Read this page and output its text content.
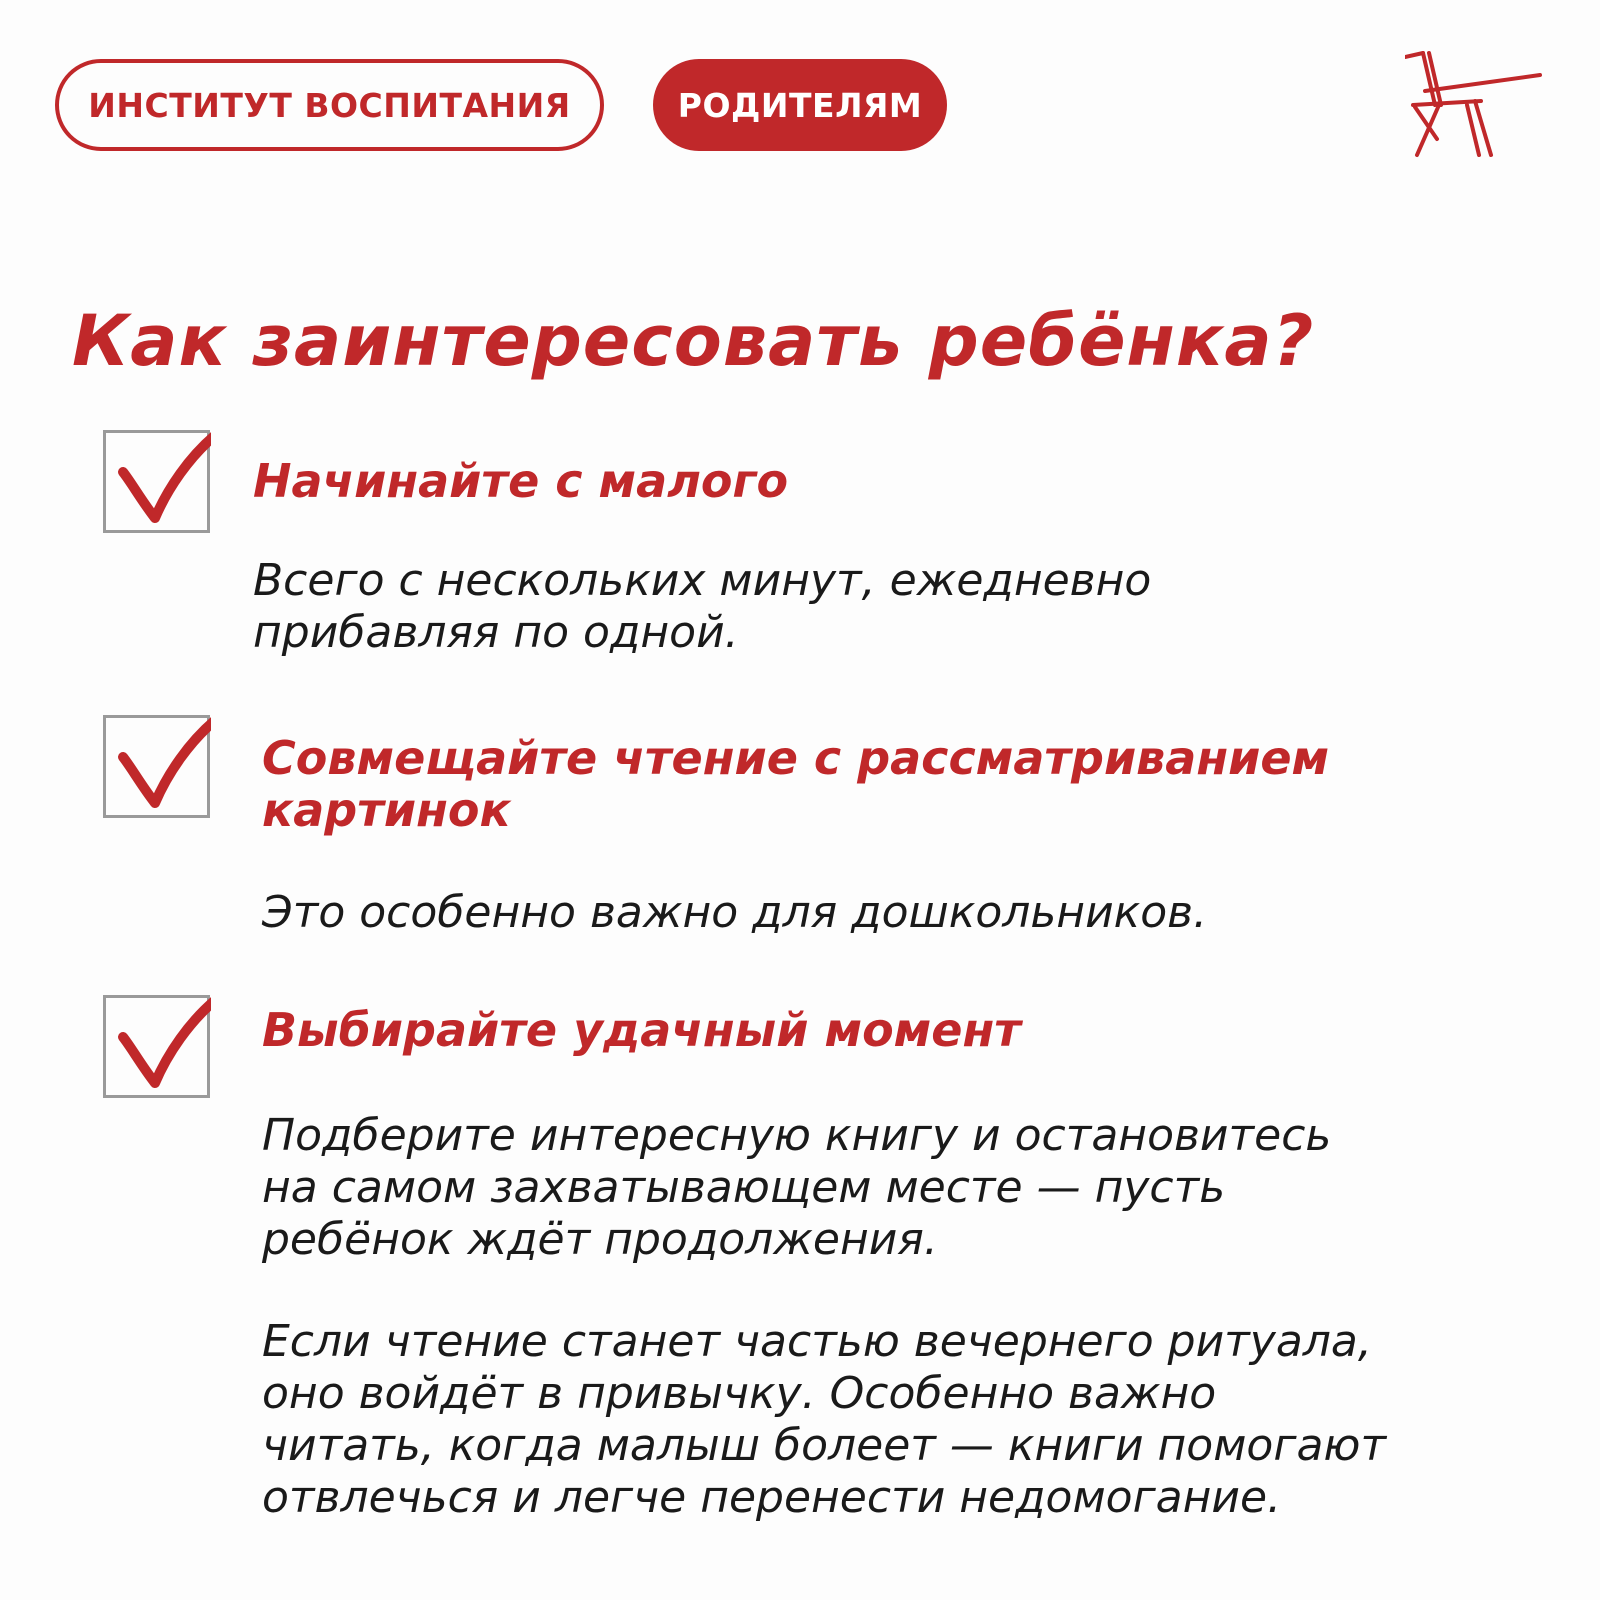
ИНСТИТУТ ВОСПИТАНИЯ	РОДИТЕЛЯМ
Как заинтересовать ребёнка?

Начинайте с малого

Всего с нескольких минут, ежедневно
прибавляя по одной.

Совмещайте чтение с рассматриванием

картинок

Это особенно важно для дошкольников.

Выбирайте удачный момент

Подберите интересную книгу и остановитесь
на самом захватывающем месте — пусть
ребёнок ждёт продолжения.

Если чтение станет частью вечернего ритуала,
оно войдёт в привычку. Особенно важно
читать, когда малыш болеет — книги помогают
отвлечься и легче перенести недомогание.
